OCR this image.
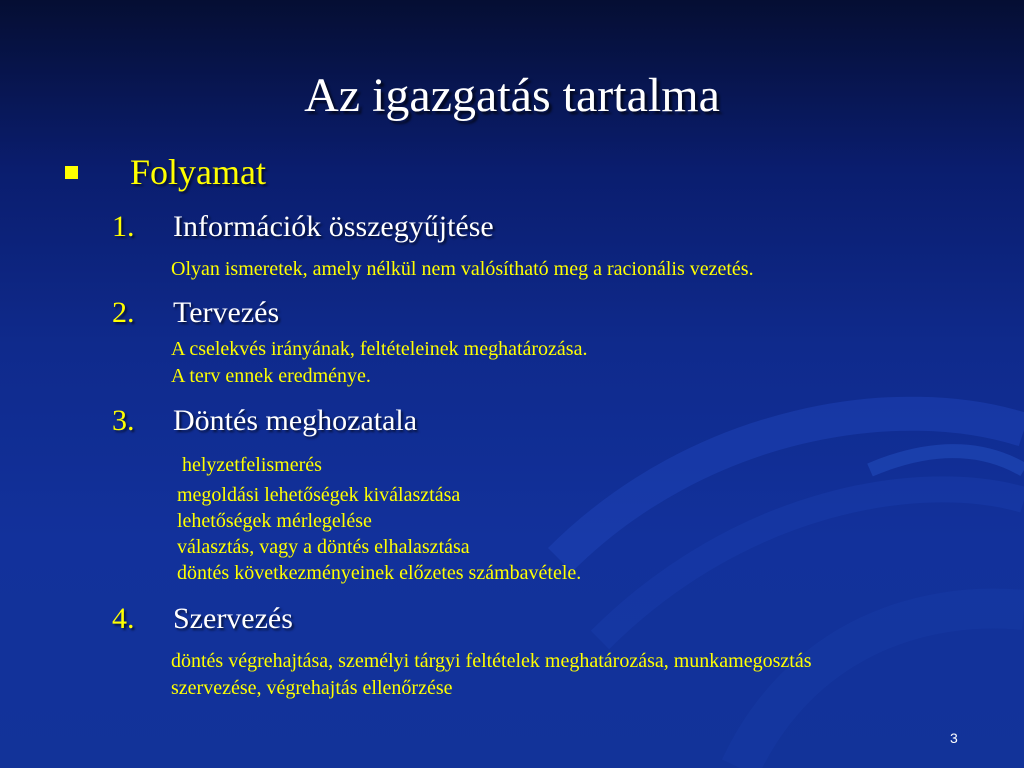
Az igazgatás tartalma
Folyamat
1. Információk összegyűjtése
Olyan ismeretek, amely nélkül nem valósítható meg a racionális vezetés.
2. Tervezés
A cselekvés irányának, feltételeinek meghatározása.
A terv ennek eredménye.
3. Döntés meghozatala
helyzetfelismerés
megoldási lehetőségek kiválasztása
lehetőségek mérlegelése
választás, vagy a döntés elhalasztása
döntés következményeinek előzetes számbavétele.
4. Szervezés
döntés végrehajtása, személyi tárgyi feltételek meghatározása, munkamegosztás
szervezése, végrehajtás ellenőrzése
3
